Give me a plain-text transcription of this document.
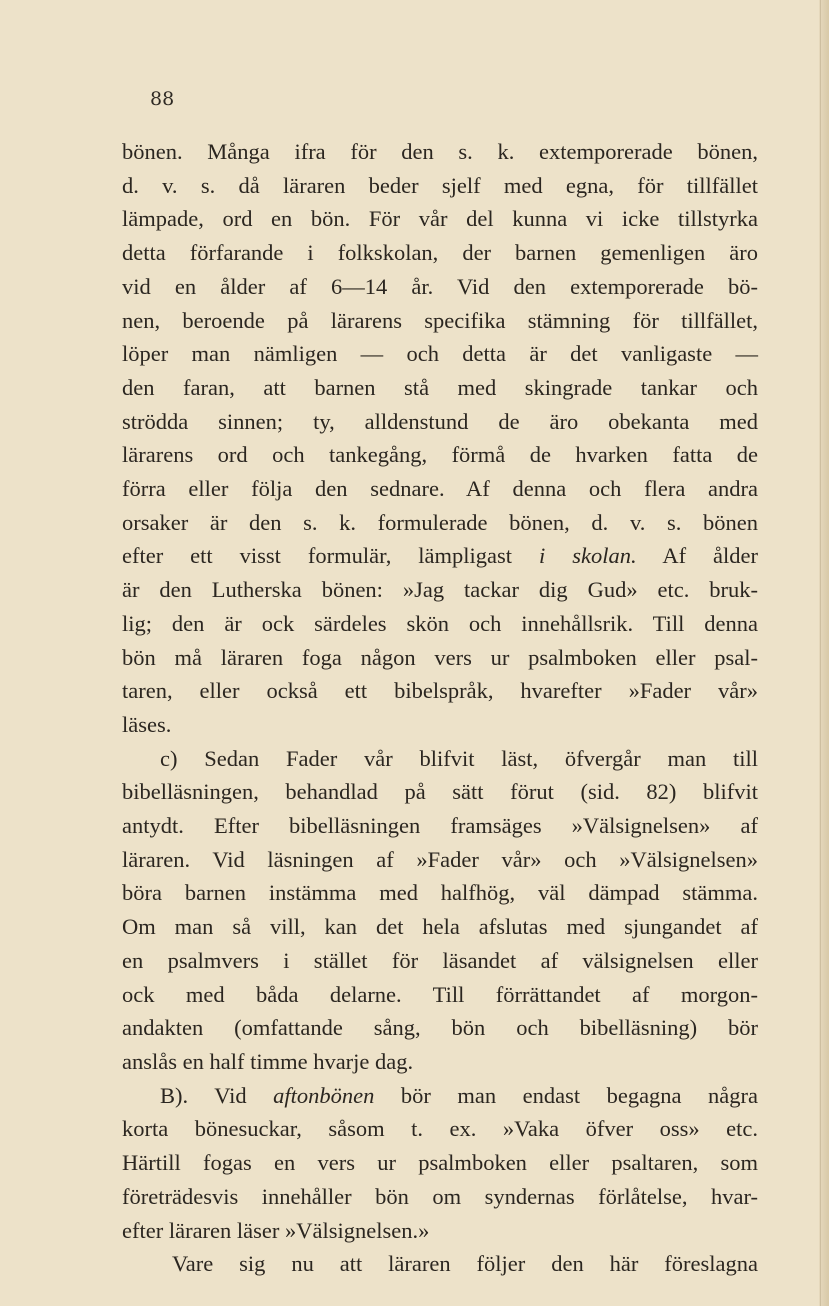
88

bönen. Många ifra för den s. k. extemporerade bönen,
d. v. s. då läraren beder sjelf med egna, för tillfället
lämpade, ord en bön. För vår del kunna vi icke tillstyrka
detta förfarande i folkskolan, der barnen gemenligen äro
vid en ålder af 6—14 år. Vid den extemporerade bö-
nen, beroende på lärarens specifika stämning för tillfället,
löper man nämligen — och detta är det vanligaste —
den faran, att barnen stå med skingrade tankar och
strödda sinnen; ty, alldenstund de äro obekanta med
lärarens ord och tankegång, förmå de hvarken fatta de
förra eller följa den sednare. Af denna och flera andra
orsaker är den s. k. formulerade bönen, d. v. s. bönen
efter ett visst formulär, lämpligast i skolan. Af ålder
är den Lutherska bönen: »Jag tackar dig Gud» etc. bruk-
lig; den är ock särdeles skön och innehållsrik. Till denna
bön må läraren foga någon vers ur psalmboken eller psal-
taren, eller också ett bibelspråk, hvarefter »Fader vår»
läses.
c) Sedan Fader vår blifvit läst, öfvergår man till
bibelläsningen, behandlad på sätt förut (sid. 82) blifvit
antydt. Efter bibelläsningen framsäges »Välsignelsen» af
läraren. Vid läsningen af »Fader vår» och »Välsignelsen»
böra barnen instämma med halfhög, väl dämpad stämma.
Om man så vill, kan det hela afslutas med sjungandet af
en psalmvers i stället för läsandet af välsignelsen eller
ock med båda delarne. Till förrättandet af morgon-
andakten (omfattande sång, bön och bibelläsning) bör
anslås en half timme hvarje dag.
B). Vid aftonbönen bör man endast begagna några
korta bönesuckar, såsom t. ex. »Vaka öfver oss» etc.
Härtill fogas en vers ur psalmboken eller psaltaren, som
företrädesvis innehåller bön om syndernas förlåtelse, hvar-
efter läraren läser »Välsignelsen.»
Vare sig nu att läraren följer den här föreslagna
